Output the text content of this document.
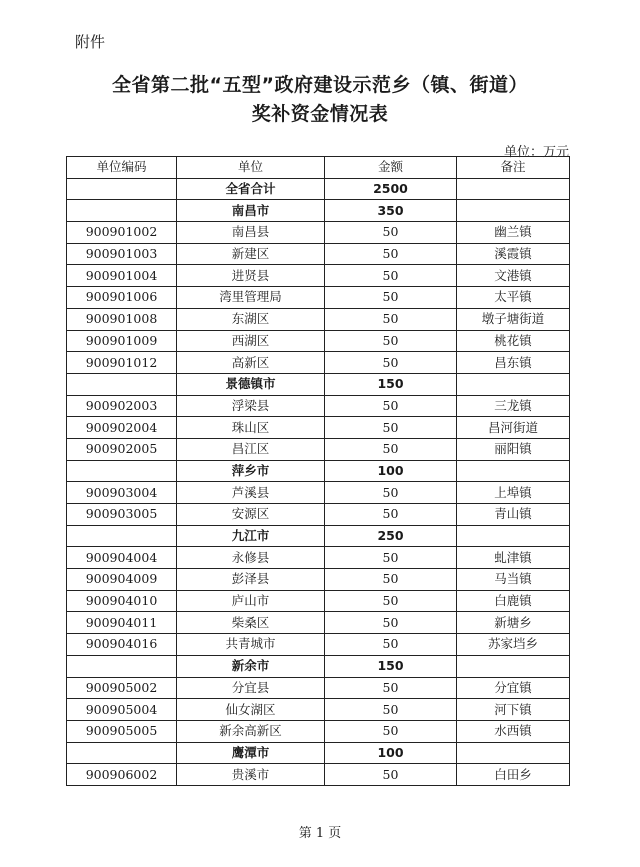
附件
全省第二批“五型”政府建设示范乡（镇、街道）
奖补资金情况表
单位：万元
单位编码	单位	金额	备注
	全省合计	2500	
	南昌市	350	
900901002	南昌县	50	幽兰镇
900901003	新建区	50	溪霞镇
900901004	进贤县	50	文港镇
900901006	湾里管理局	50	太平镇
900901008	东湖区	50	墩子塘街道
900901009	西湖区	50	桃花镇
900901012	高新区	50	昌东镇
	景德镇市	150	
900902003	浮梁县	50	三龙镇
900902004	珠山区	50	昌河街道
900902005	昌江区	50	丽阳镇
	萍乡市	100	
900903004	芦溪县	50	上埠镇
900903005	安源区	50	青山镇
	九江市	250	
900904004	永修县	50	虬津镇
900904009	彭泽县	50	马当镇
900904010	庐山市	50	白鹿镇
900904011	柴桑区	50	新塘乡
900904016	共青城市	50	苏家垱乡
	新余市	150	
900905002	分宜县	50	分宜镇
900905004	仙女湖区	50	河下镇
900905005	新余高新区	50	水西镇
	鹰潭市	100	
900906002	贵溪市	50	白田乡
第 1 页
